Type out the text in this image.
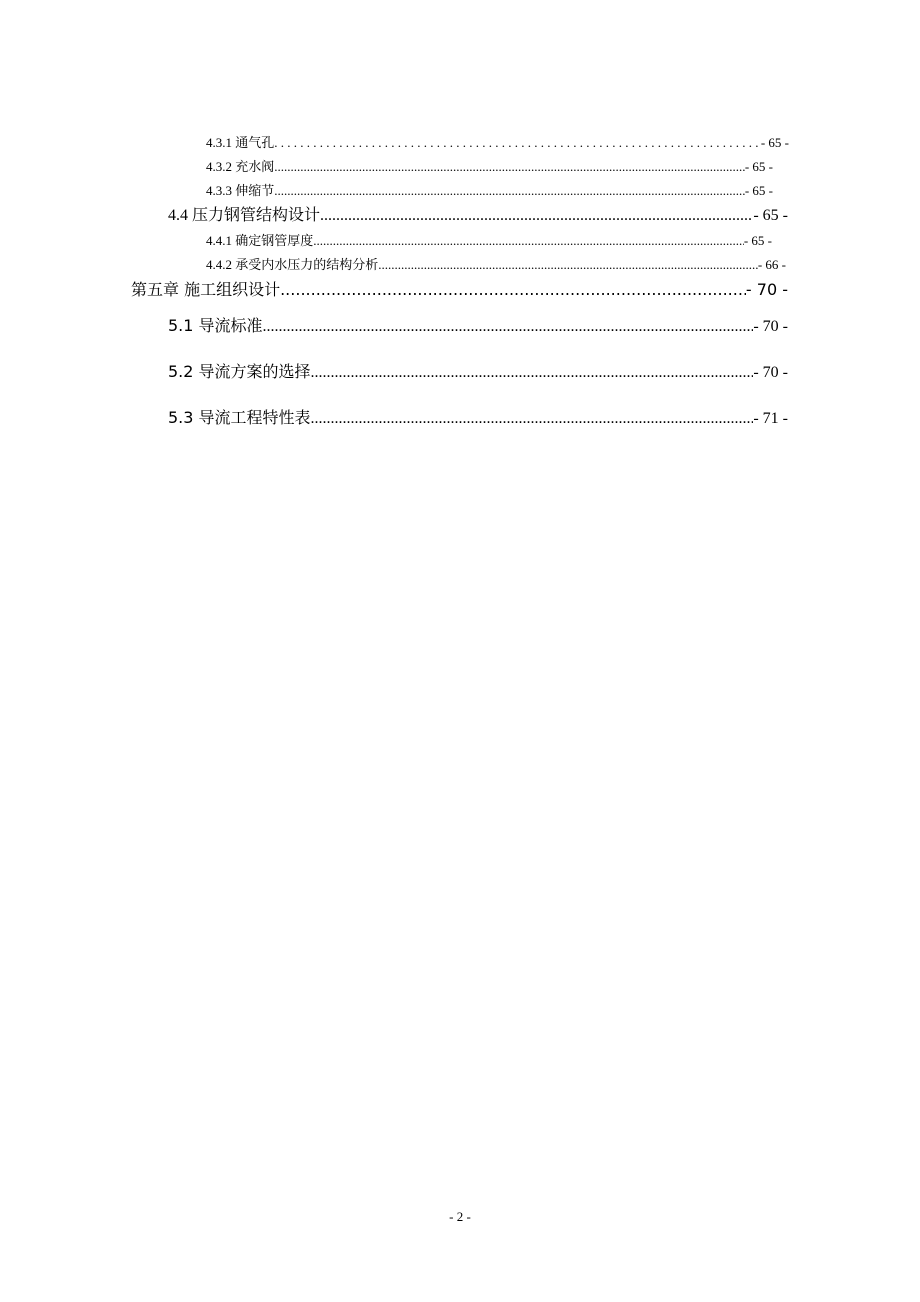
4.3.1 通气孔 . . .	- 65 -
4.3.2 充水阀 .....	- 65 -
4.3.3 伸缩节 .....	- 65 -
4.4 压力钢管结构设计 .....	- 65 -
4.4.1 确定钢管厚度 .....	- 65 -
4.4.2 承受内水压力的结构分析 .....	- 66 -
第五章 施工组织设计 .....	- 70 -
5.1 导流标准 .....	- 70 -
5.2 导流方案的选择 .....	- 70 -
5.3 导流工程特性表 .....	- 71 -
- 2 -
